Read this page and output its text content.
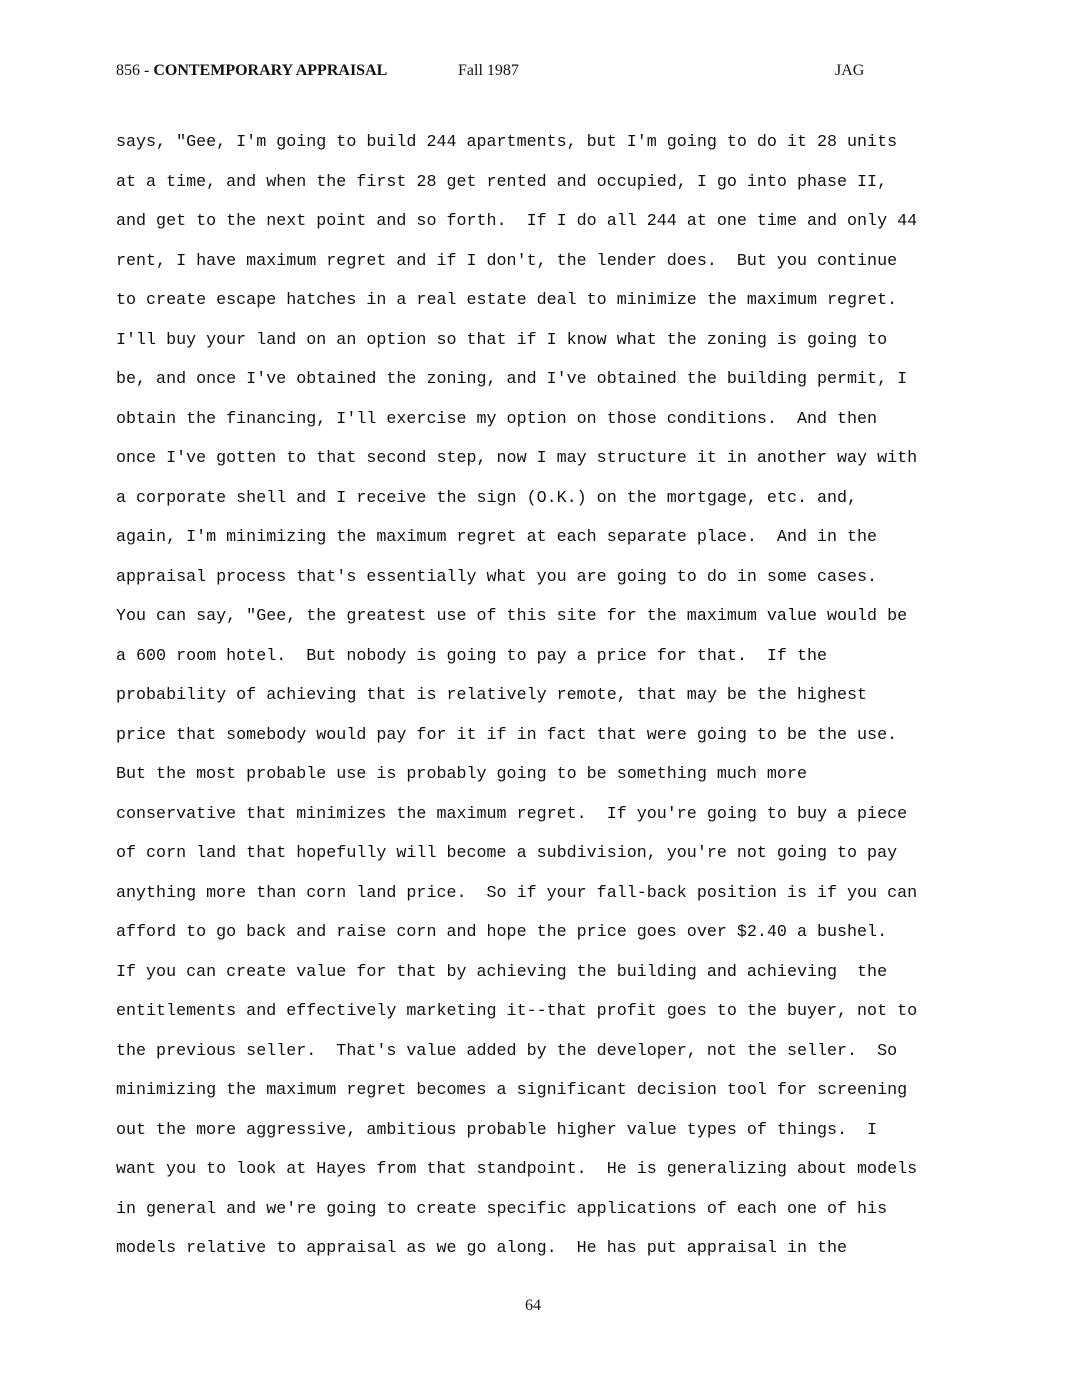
856 - CONTEMPORARY APPRAISAL	Fall 1987	JAG
says, "Gee, I'm going to build 244 apartments, but I'm going to do it 28 units
at a time, and when the first 28 get rented and occupied, I go into phase II,
and get to the next point and so forth.  If I do all 244 at one time and only 44
rent, I have maximum regret and if I don't, the lender does.  But you continue
to create escape hatches in a real estate deal to minimize the maximum regret.
I'll buy your land on an option so that if I know what the zoning is going to
be, and once I've obtained the zoning, and I've obtained the building permit, I
obtain the financing, I'll exercise my option on those conditions.  And then
once I've gotten to that second step, now I may structure it in another way with
a corporate shell and I receive the sign (O.K.) on the mortgage, etc. and,
again, I'm minimizing the maximum regret at each separate place.  And in the
appraisal process that's essentially what you are going to do in some cases.
You can say, "Gee, the greatest use of this site for the maximum value would be
a 600 room hotel.  But nobody is going to pay a price for that.  If the
probability of achieving that is relatively remote, that may be the highest
price that somebody would pay for it if in fact that were going to be the use.
But the most probable use is probably going to be something much more
conservative that minimizes the maximum regret.  If you're going to buy a piece
of corn land that hopefully will become a subdivision, you're not going to pay
anything more than corn land price.  So if your fall-back position is if you can
afford to go back and raise corn and hope the price goes over $2.40 a bushel.
If you can create value for that by achieving the building and achieving  the
entitlements and effectively marketing it--that profit goes to the buyer, not to
the previous seller.  That's value added by the developer, not the seller.  So
minimizing the maximum regret becomes a significant decision tool for screening
out the more aggressive, ambitious probable higher value types of things.  I
want you to look at Hayes from that standpoint.  He is generalizing about models
in general and we're going to create specific applications of each one of his
models relative to appraisal as we go along.  He has put appraisal in the
64
